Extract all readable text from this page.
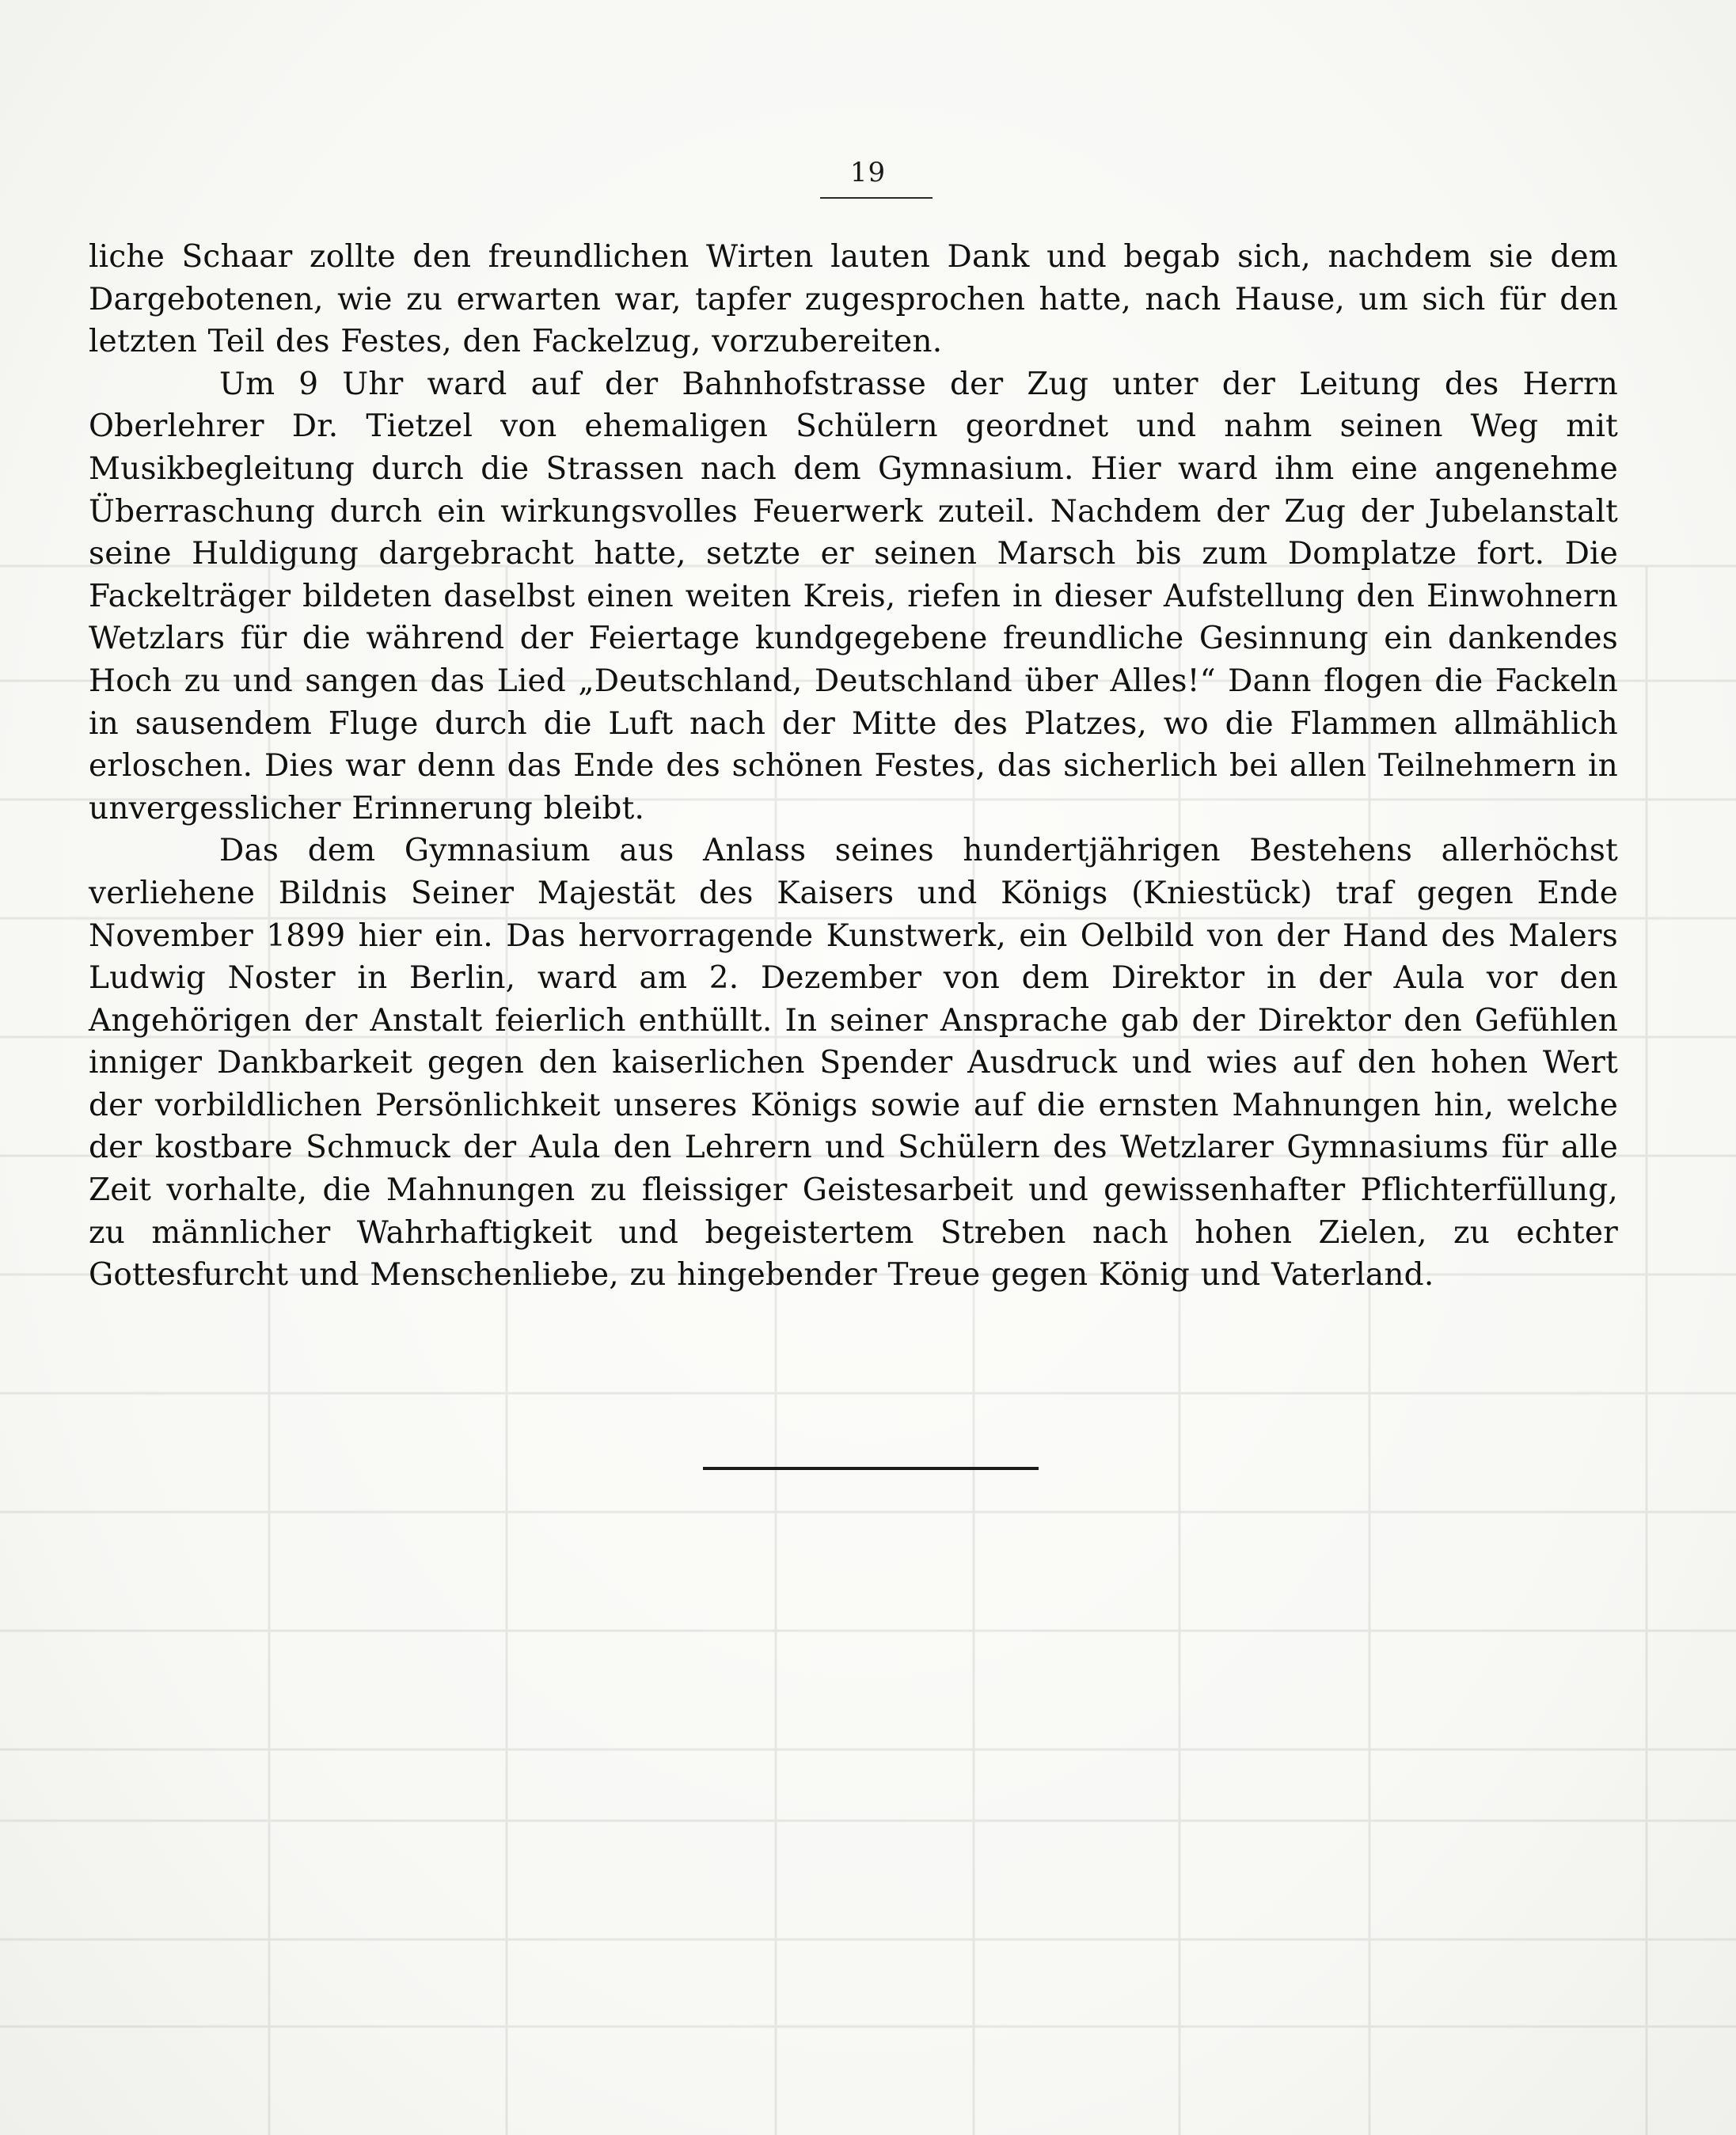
19

liche Schaar zollte den freundlichen Wirten lauten Dank und begab sich, nachdem sie dem Dargebotenen, wie zu erwarten war, tapfer zugesprochen hatte, nach Hause, um sich für den letzten Teil des Festes, den Fackelzug, vorzubereiten.

Um 9 Uhr ward auf der Bahnhofstrasse der Zug unter der Leitung des Herrn Oberlehrer Dr. Tietzel von ehemaligen Schülern geordnet und nahm seinen Weg mit Musikbegleitung durch die Strassen nach dem Gymnasium. Hier ward ihm eine angenehme Überraschung durch ein wirkungsvolles Feuerwerk zuteil. Nachdem der Zug der Jubelanstalt seine Huldigung dargebracht hatte, setzte er seinen Marsch bis zum Domplatze fort. Die Fackelträger bildeten daselbst einen weiten Kreis, riefen in dieser Aufstellung den Einwohnern Wetzlars für die während der Feiertage kundgegebene freundliche Gesinnung ein dankendes Hoch zu und sangen das Lied „Deutschland, Deutschland über Alles!“ Dann flogen die Fackeln in sausendem Fluge durch die Luft nach der Mitte des Platzes, wo die Flammen allmählich erloschen. Dies war denn das Ende des schönen Festes, das sicherlich bei allen Teilnehmern in unvergesslicher Erinnerung bleibt.

Das dem Gymnasium aus Anlass seines hundertjährigen Bestehens allerhöchst verliehene Bildnis Seiner Majestät des Kaisers und Königs (Kniestück) traf gegen Ende November 1899 hier ein. Das hervorragende Kunstwerk, ein Oelbild von der Hand des Malers Ludwig Noster in Berlin, ward am 2. Dezember von dem Direktor in der Aula vor den Angehörigen der Anstalt feierlich enthüllt. In seiner Ansprache gab der Direktor den Gefühlen inniger Dankbarkeit gegen den kaiserlichen Spender Ausdruck und wies auf den hohen Wert der vorbildlichen Persönlichkeit unseres Königs sowie auf die ernsten Mahnungen hin, welche der kostbare Schmuck der Aula den Lehrern und Schülern des Wetzlarer Gymnasiums für alle Zeit vorhalte, die Mahnungen zu fleissiger Geistesarbeit und gewissenhafter Pflichterfüllung, zu männlicher Wahrhaftigkeit und begeistertem Streben nach hohen Zielen, zu echter Gottesfurcht und Menschenliebe, zu hingebender Treue gegen König und Vaterland.
